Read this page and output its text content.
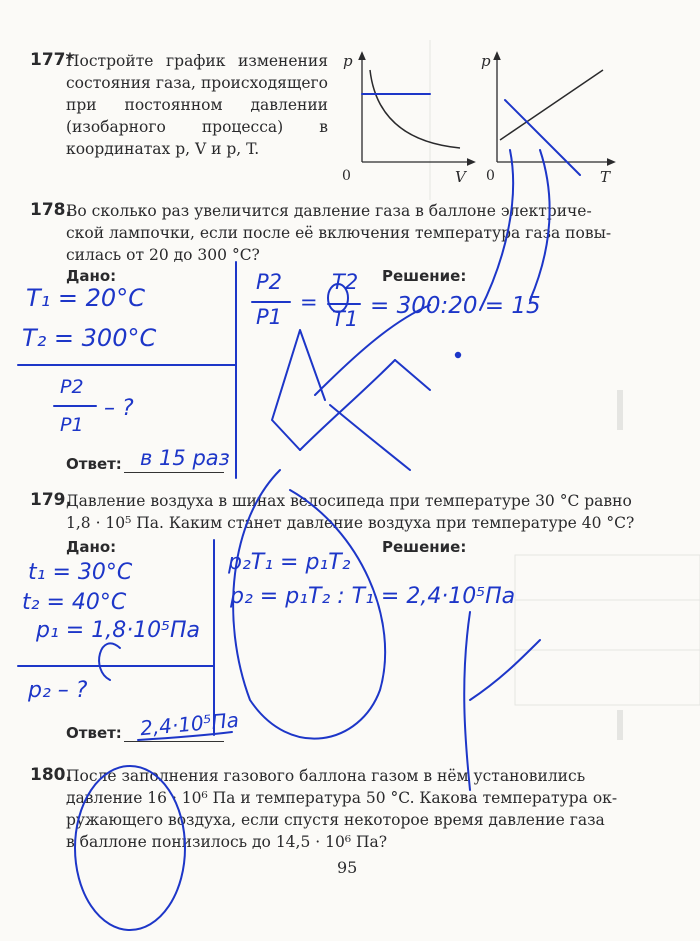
177*
Постройте график изменения состояния газа, происходящего при постоянном давлении (изобарного процесса) в координатах p, V и p, T.
p
V
0
p
T
0
178.
Во сколько раз увеличится давление газа в баллоне электриче-
ской лампочки, если после её включения температура газа повы-
силась от 20 до 300 °C?
Дано:	Решение:
Ответ:
T₁ = 20°C
T₂ = 300°C
P2
P1
– ?
P2
P1
=
T2
T1 = 300:20 = 15
в 15 раз
179.
Давление воздуха в шинах велосипеда при температуре 30 °C равно
1,8 · 10⁵ Па. Каким станет давление воздуха при температуре 40 °C?
Дано:	Решение:
Ответ:
t₁ = 30°C
t₂ = 40°C
p₁ = 1,8·10⁵Па
p₂ – ?
p₂T₁ = p₁T₂
p₂ = p₁T₂ : T₁ = 2,4·10⁵Па
2,4·10⁵Па
180.
После заполнения газового баллона газом в нём установились
давление 16 · 10⁶ Па и температура 50 °C. Какова температура ок-
ружающего воздуха, если спустя некоторое время давление газа
в баллоне понизилось до 14,5 · 10⁶ Па?
95
